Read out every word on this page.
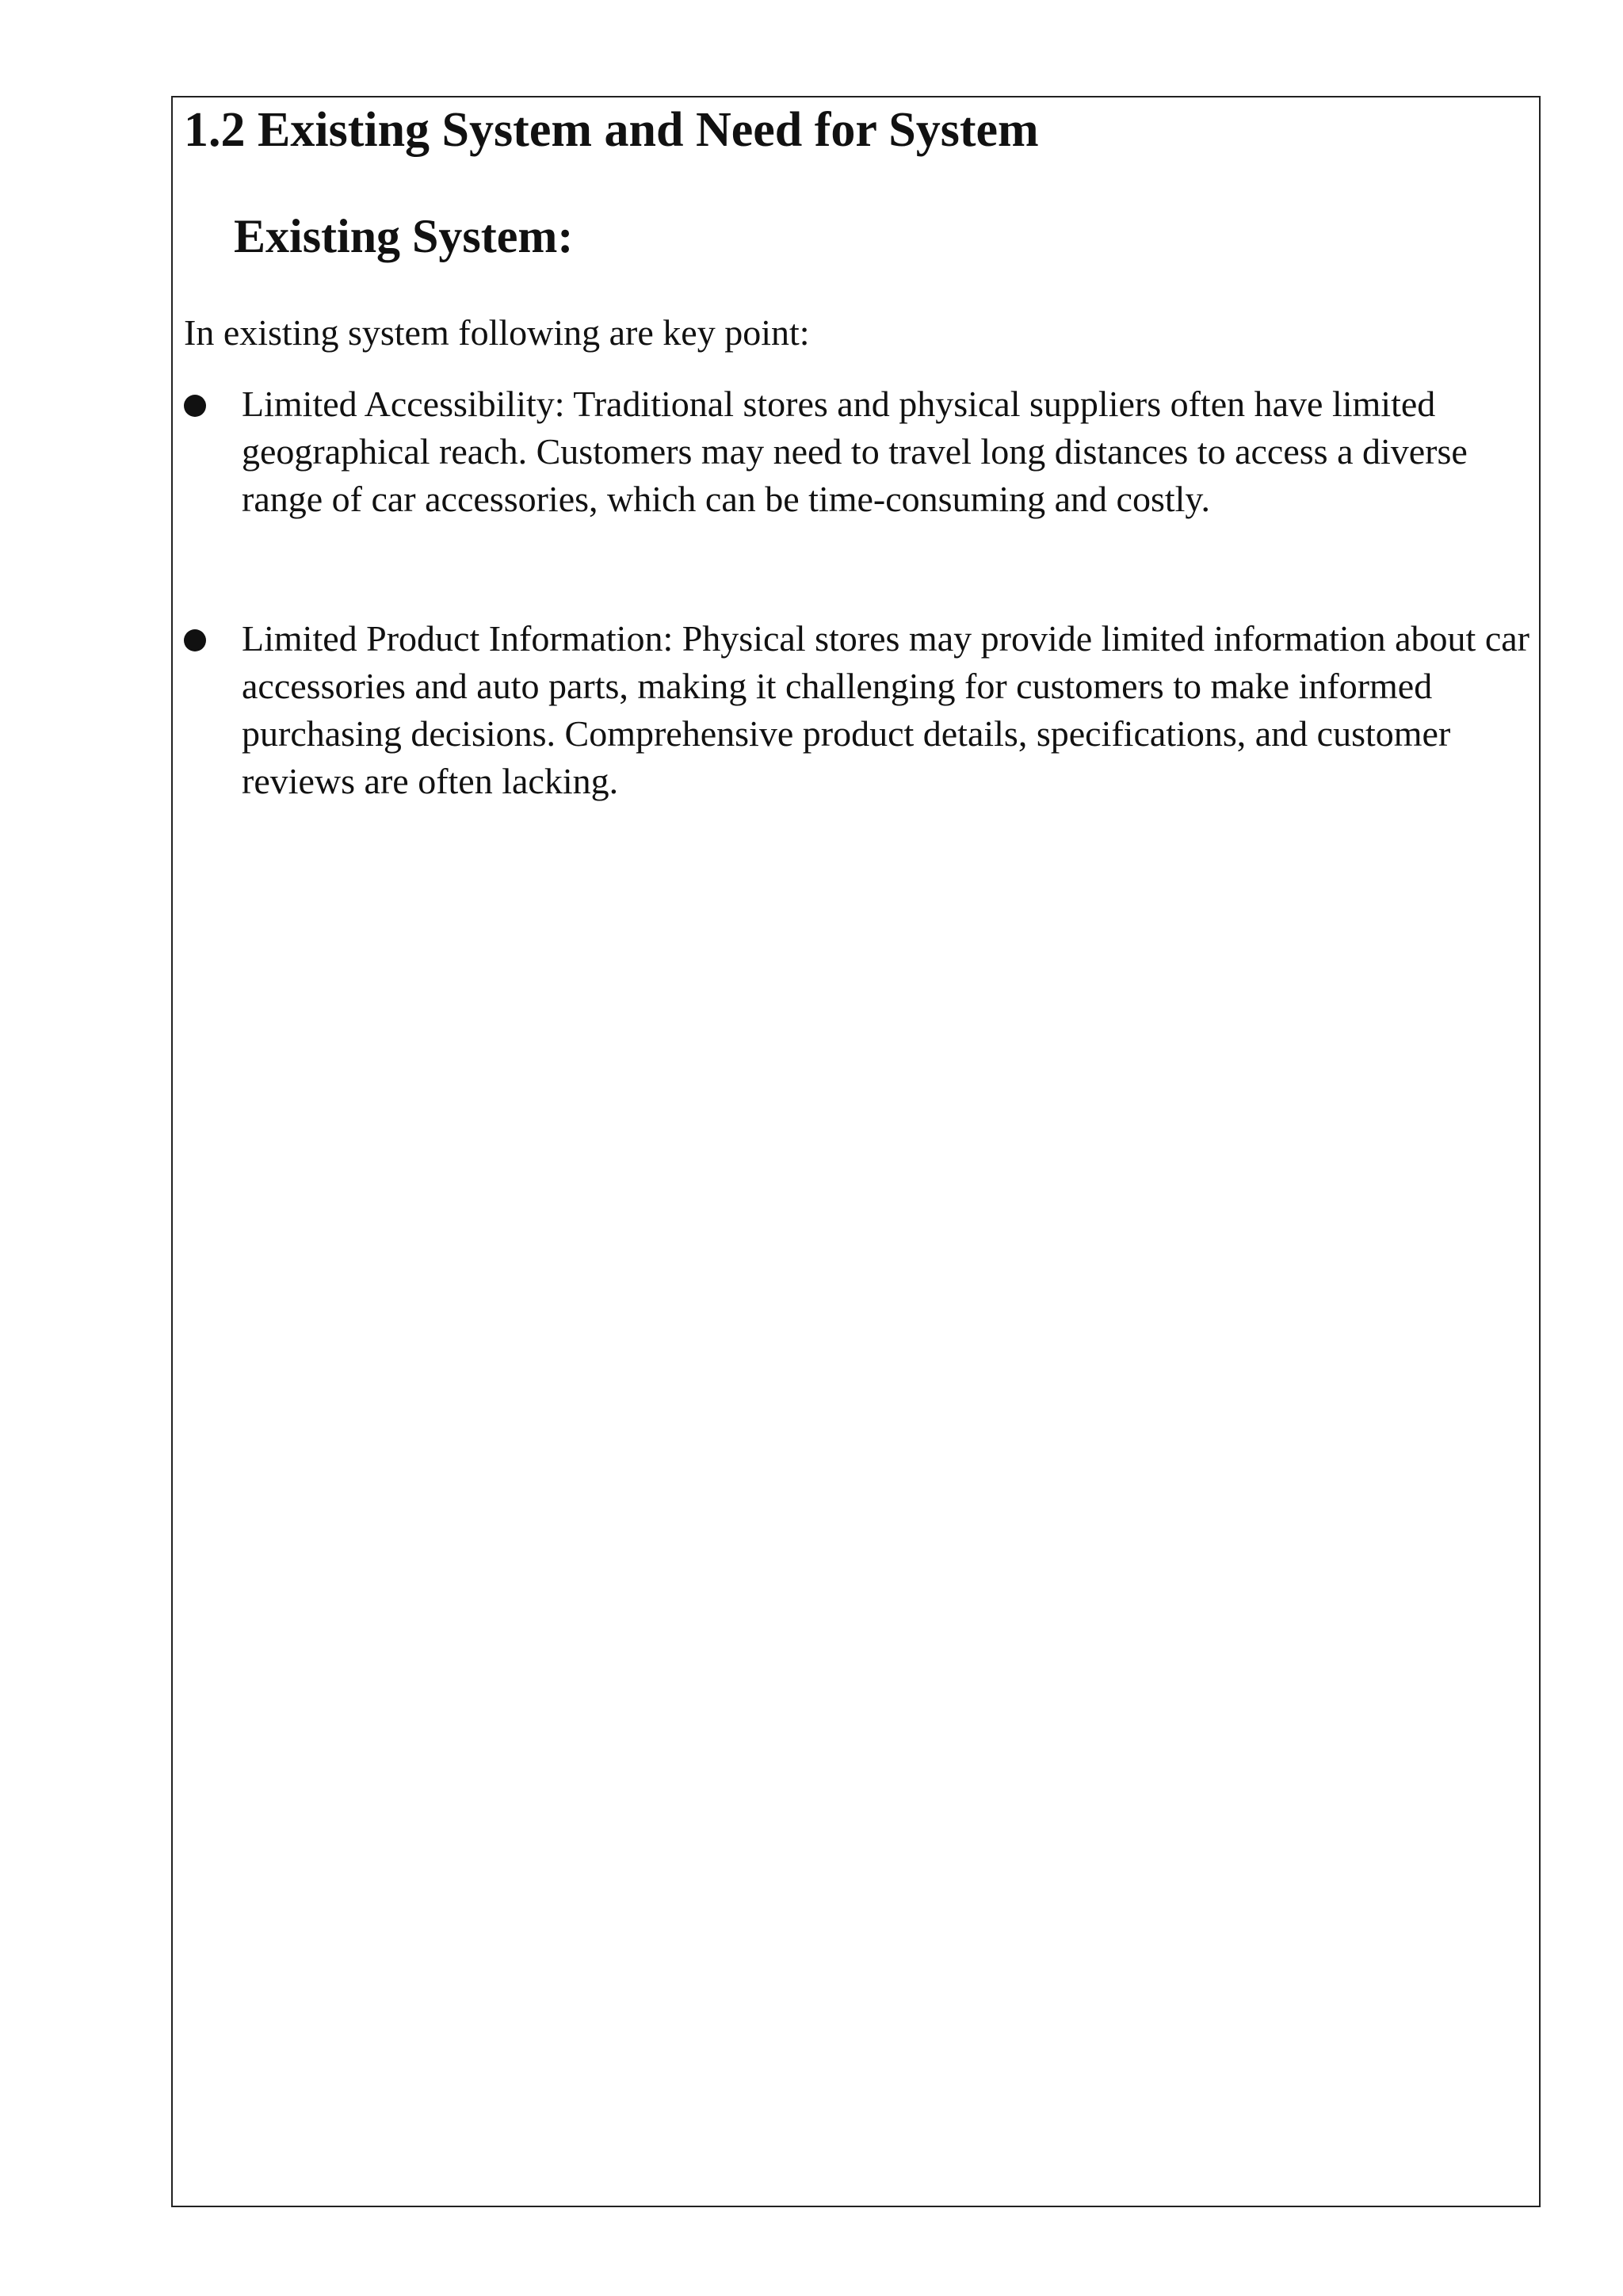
1.2 Existing System and Need for System
Existing System:

In existing system following are key point:

Limited Accessibility: Traditional stores and physical suppliers often have limited geographical reach. Customers may need to travel long distances to access a diverse range of car accessories, which can be time-consuming and costly.

Limited Product Information: Physical stores may provide limited information about car accessories and auto parts, making it challenging for customers to make informed purchasing decisions. Comprehensive product details, specifications, and customer reviews are often lacking.
